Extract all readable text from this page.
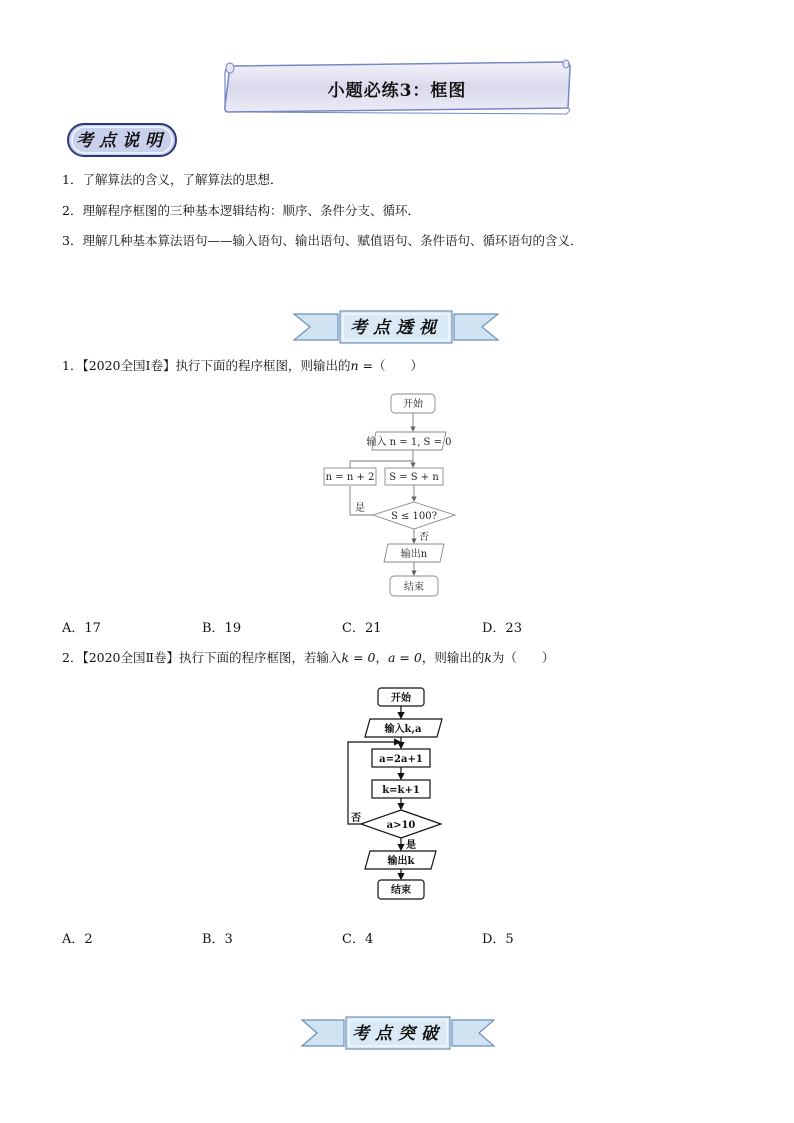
小题必练3：框图
考点说明
1．了解算法的含义，了解算法的思想．
2．理解程序框图的三种基本逻辑结构：顺序、条件分支、循环．
3．理解几种基本算法语句——输入语句、输出语句、赋值语句、条件语句、循环语句的含义．
考点透视
1．【2020全国Ⅰ卷】执行下面的程序框图，则输出的n =（　　）
开始
输入 n = 1, S = 0
S = S + n
n = n + 2
S ≤ 100?
是
否
输出n
结束
A．17	B．19	C．21	D．23
2．【2020全国Ⅱ卷】执行下面的程序框图，若输入k = 0，a = 0，则输出的k为（　　）
开始
输入k,a
a=2a+1
k=k+1
a>10
否
是
输出k
结束
A．2	B．3	C．4	D．5
考点突破
